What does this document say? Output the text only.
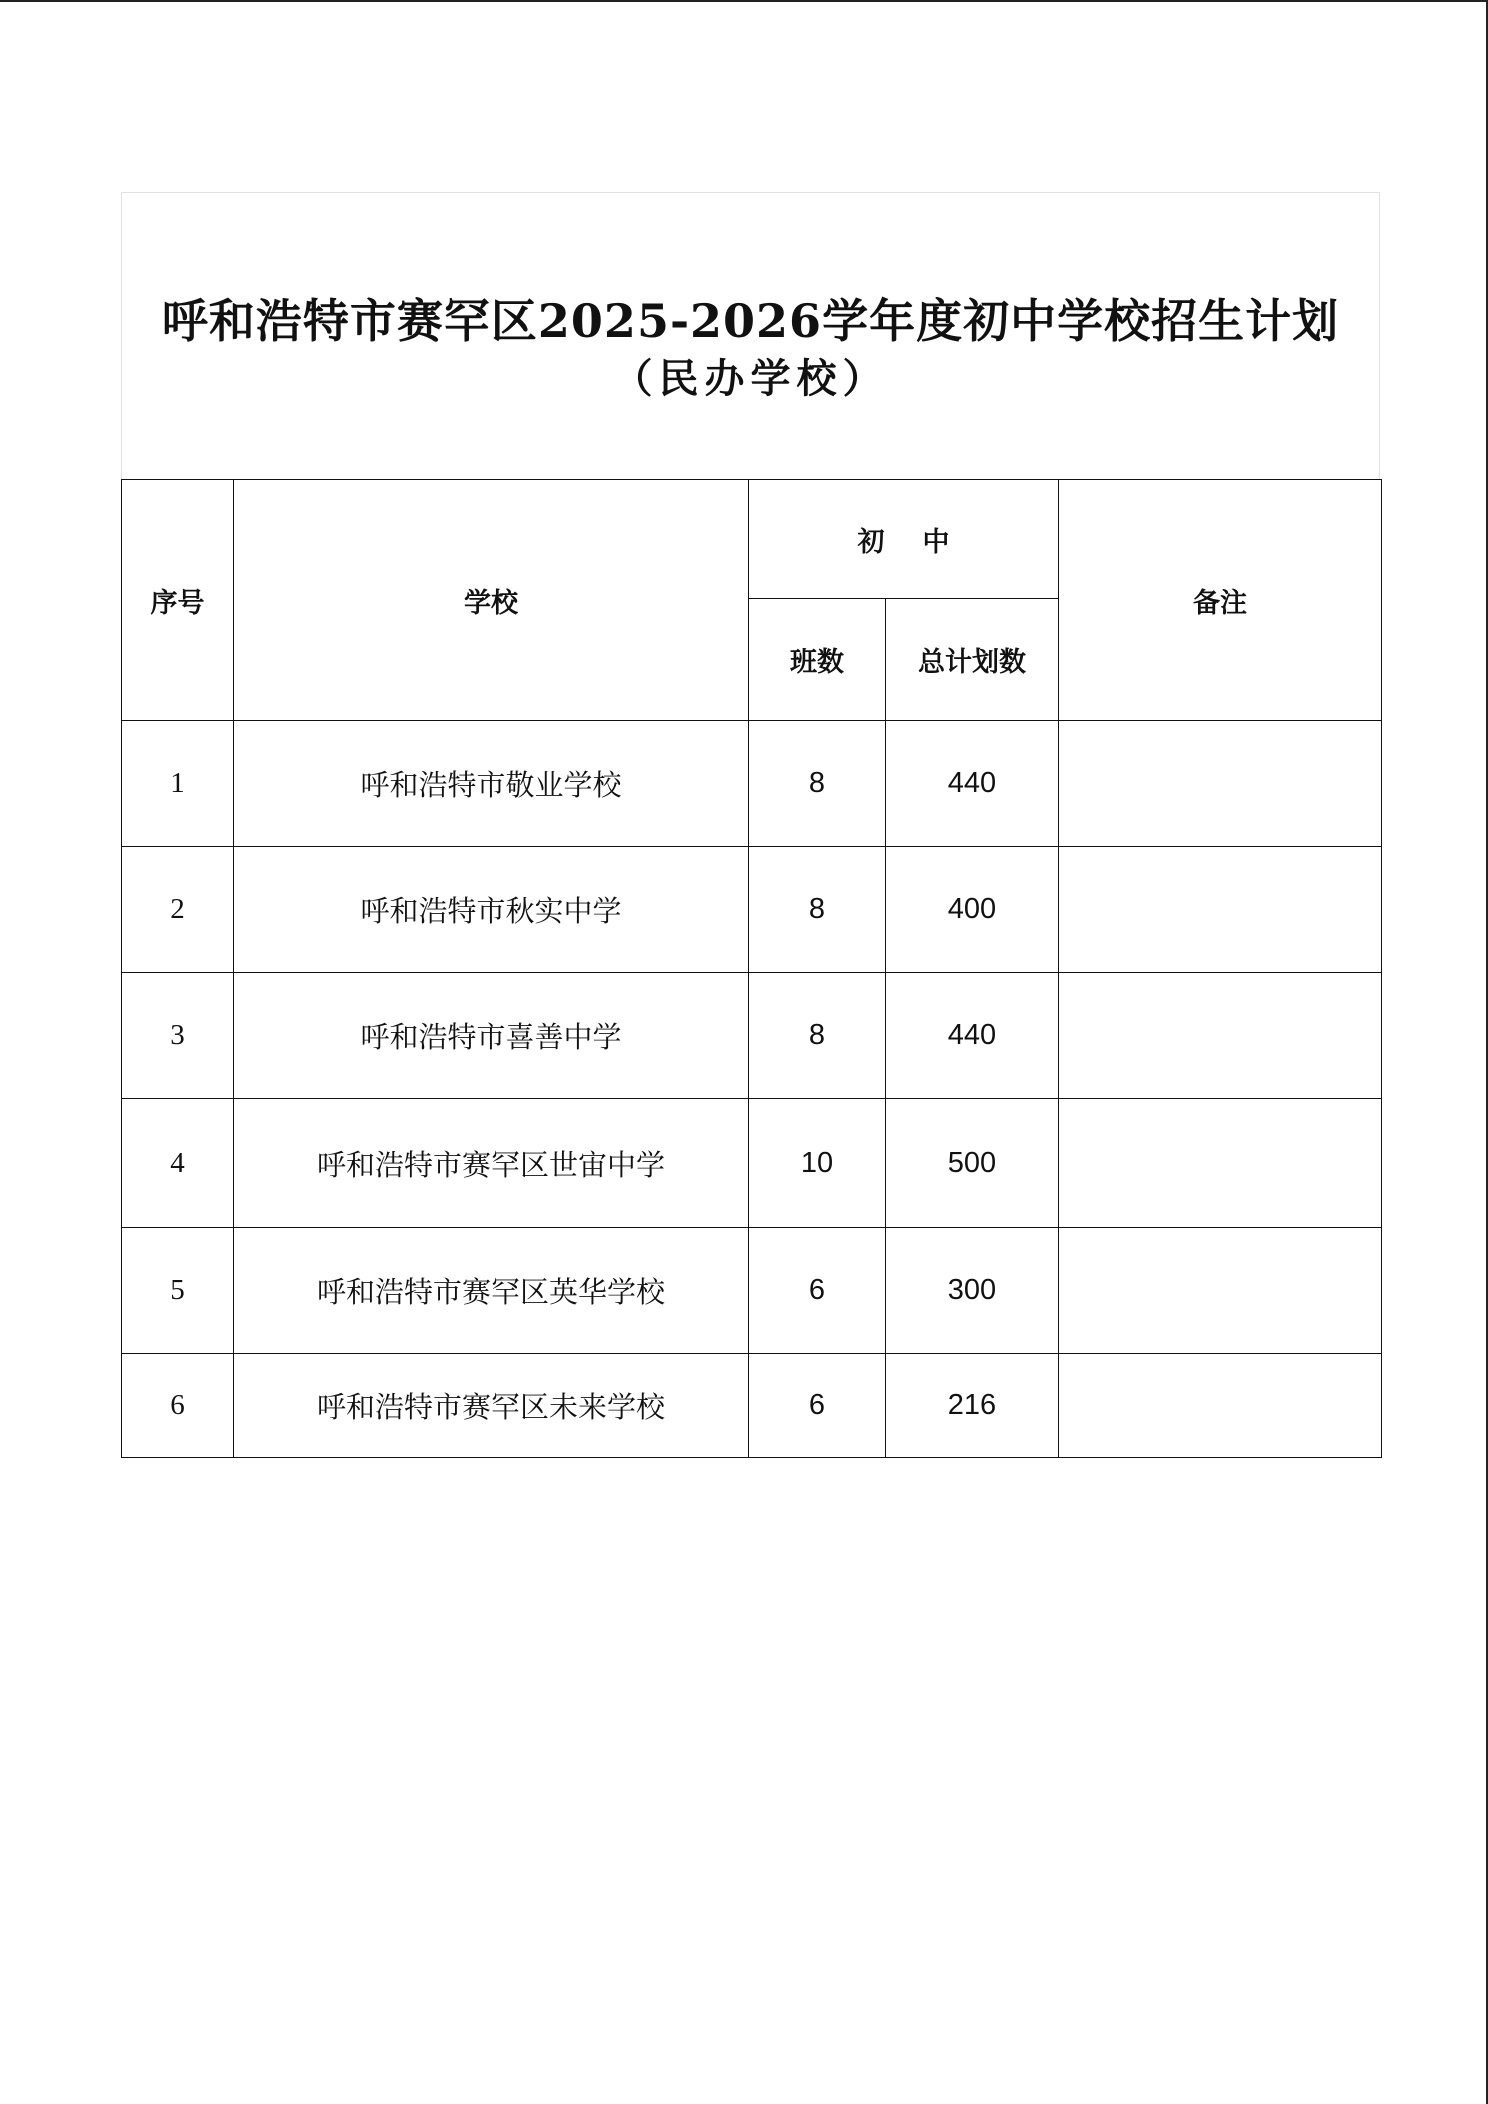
呼和浩特市赛罕区2025-2026学年度初中学校招生计划
（民办学校）
序号	学校	初中		备注
		班数	总计划数	
1	呼和浩特市敬业学校	8	440	
2	呼和浩特市秋实中学	8	400	
3	呼和浩特市喜善中学	8	440	
4	呼和浩特市赛罕区世宙中学	10	500	
5	呼和浩特市赛罕区英华学校	6	300	
6	呼和浩特市赛罕区未来学校	6	216	
